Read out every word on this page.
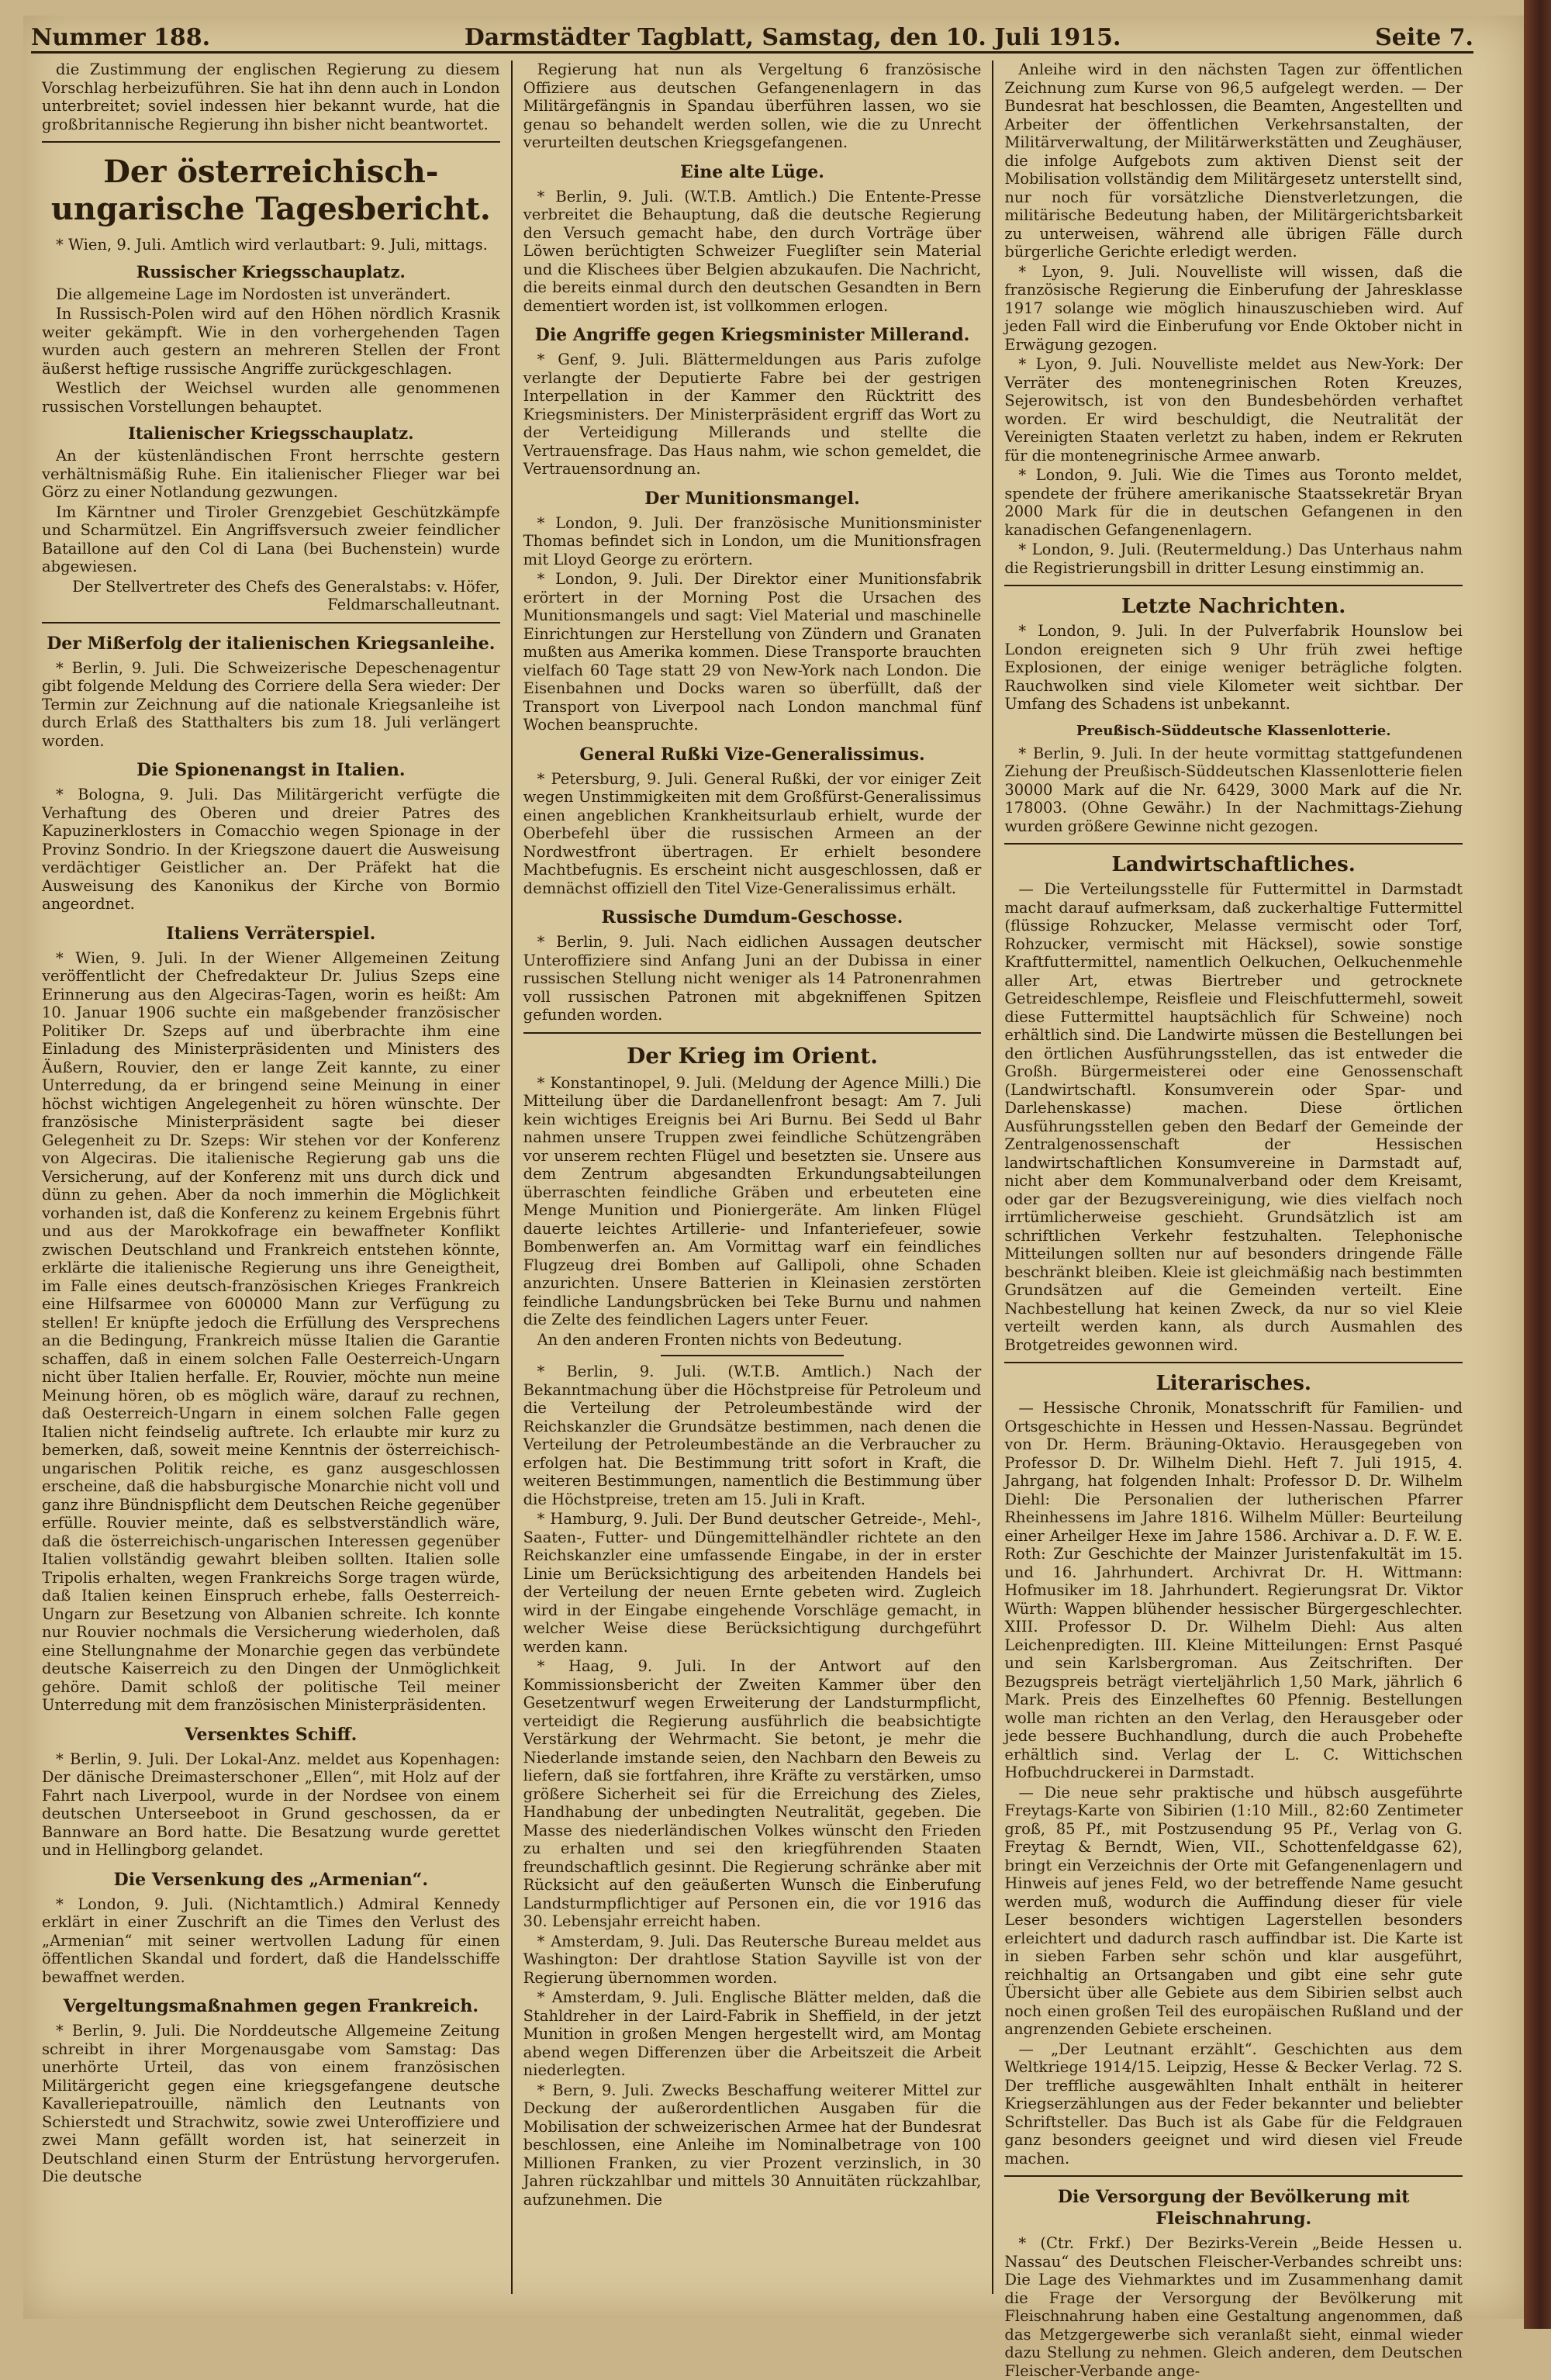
Nummer 188.	Darmstädter Tagblatt, Samstag, den 10. Juli 1915.	Seite 7.

die Zustimmung der englischen Regierung zu diesem Vorschlag herbeizuführen. Sie hat ihn denn auch in London unterbreitet; soviel indessen hier bekannt wurde, hat die großbritannische Regierung ihn bisher nicht beantwortet.

Der österreichisch-ungarische Tagesbericht.

* Wien, 9. Juli. Amtlich wird verlautbart: 9. Juli, mittags.

Russischer Kriegsschauplatz.

Die allgemeine Lage im Nordosten ist unverändert.

In Russisch-Polen wird auf den Höhen nördlich Krasnik weiter gekämpft. Wie in den vorhergehenden Tagen wurden auch gestern an mehreren Stellen der Front äußerst heftige russische Angriffe zurückgeschlagen.

Westlich der Weichsel wurden alle genommenen russischen Vorstellungen behauptet.

Italienischer Kriegsschauplatz.

An der küstenländischen Front herrschte gestern verhältnismäßig Ruhe. Ein italienischer Flieger war bei Görz zu einer Notlandung gezwungen.

Im Kärntner und Tiroler Grenzgebiet Geschützkämpfe und Scharmützel. Ein Angriffsversuch zweier feindlicher Bataillone auf den Col di Lana (bei Buchenstein) wurde abgewiesen.

Der Stellvertreter des Chefs des Generalstabs: v. Höfer, Feldmarschalleutnant.

Der Mißerfolg der italienischen Kriegsanleihe.

* Berlin, 9. Juli. Die Schweizerische Depeschenagentur gibt folgende Meldung des Corriere della Sera wieder: Der Termin zur Zeichnung auf die nationale Kriegsanleihe ist durch Erlaß des Statthalters bis zum 18. Juli verlängert worden.

Die Spionenangst in Italien.

* Bologna, 9. Juli. Das Militärgericht verfügte die Verhaftung des Oberen und dreier Patres des Kapuzinerklosters in Comacchio wegen Spionage in der Provinz Sondrio. In der Kriegszone dauert die Ausweisung verdächtiger Geistlicher an. Der Präfekt hat die Ausweisung des Kanonikus der Kirche von Bormio angeordnet.

Italiens Verräterspiel.

* Wien, 9. Juli. In der Wiener Allgemeinen Zeitung veröffentlicht der Chefredakteur Dr. Julius Szeps eine Erinnerung aus den Algeciras-Tagen, worin es heißt: Am 10. Januar 1906 suchte ein maßgebender französischer Politiker Dr. Szeps auf und überbrachte ihm eine Einladung des Ministerpräsidenten und Ministers des Äußern, Rouvier, den er lange Zeit kannte, zu einer Unterredung, da er bringend seine Meinung in einer höchst wichtigen Angelegenheit zu hören wünschte. Der französische Ministerpräsident sagte bei dieser Gelegenheit zu Dr. Szeps: Wir stehen vor der Konferenz von Algeciras. Die italienische Regierung gab uns die Versicherung, auf der Konferenz mit uns durch dick und dünn zu gehen. Aber da noch immerhin die Möglichkeit vorhanden ist, daß die Konferenz zu keinem Ergebnis führt und aus der Marokkofrage ein bewaffneter Konflikt zwischen Deutschland und Frankreich entstehen könnte, erklärte die italienische Regierung uns ihre Geneigtheit, im Falle eines deutsch-französischen Krieges Frankreich eine Hilfsarmee von 600000 Mann zur Verfügung zu stellen! Er knüpfte jedoch die Erfüllung des Versprechens an die Bedingung, Frankreich müsse Italien die Garantie schaffen, daß in einem solchen Falle Oesterreich-Ungarn nicht über Italien herfalle. Er, Rouvier, möchte nun meine Meinung hören, ob es möglich wäre, darauf zu rechnen, daß Oesterreich-Ungarn in einem solchen Falle gegen Italien nicht feindselig auftrete. Ich erlaubte mir kurz zu bemerken, daß, soweit meine Kenntnis der österreichisch-ungarischen Politik reiche, es ganz ausgeschlossen erscheine, daß die habsburgische Monarchie nicht voll und ganz ihre Bündnispflicht dem Deutschen Reiche gegenüber erfülle. Rouvier meinte, daß es selbstverständlich wäre, daß die österreichisch-ungarischen Interessen gegenüber Italien vollständig gewahrt bleiben sollten. Italien solle Tripolis erhalten, wegen Frankreichs Sorge tragen würde, daß Italien keinen Einspruch erhebe, falls Oesterreich-Ungarn zur Besetzung von Albanien schreite. Ich konnte nur Rouvier nochmals die Versicherung wiederholen, daß eine Stellungnahme der Monarchie gegen das verbündete deutsche Kaiserreich zu den Dingen der Unmöglichkeit gehöre. Damit schloß der politische Teil meiner Unterredung mit dem französischen Ministerpräsidenten.

Versenktes Schiff.

* Berlin, 9. Juli. Der Lokal-Anz. meldet aus Kopenhagen: Der dänische Dreimasterschoner „Ellen“, mit Holz auf der Fahrt nach Liverpool, wurde in der Nordsee von einem deutschen Unterseeboot in Grund geschossen, da er Bannware an Bord hatte. Die Besatzung wurde gerettet und in Hellingborg gelandet.

Die Versenkung des „Armenian“.

* London, 9. Juli. (Nichtamtlich.) Admiral Kennedy erklärt in einer Zuschrift an die Times den Verlust des „Armenian“ mit seiner wertvollen Ladung für einen öffentlichen Skandal und fordert, daß die Handelsschiffe bewaffnet werden.

Vergeltungsmaßnahmen gegen Frankreich.

* Berlin, 9. Juli. Die Norddeutsche Allgemeine Zeitung schreibt in ihrer Morgenausgabe vom Samstag: Das unerhörte Urteil, das von einem französischen Militärgericht gegen eine kriegsgefangene deutsche Kavalleriepatrouille, nämlich den Leutnants von Schierstedt und Strachwitz, sowie zwei Unteroffiziere und zwei Mann gefällt worden ist, hat seinerzeit in Deutschland einen Sturm der Entrüstung hervorgerufen. Die deutsche

Regierung hat nun als Vergeltung 6 französische Offiziere aus deutschen Gefangenenlagern in das Militärgefängnis in Spandau überführen lassen, wo sie genau so behandelt werden sollen, wie die zu Unrecht verurteilten deutschen Kriegsgefangenen.

Eine alte Lüge.

* Berlin, 9. Juli. (W.T.B. Amtlich.) Die Entente-Presse verbreitet die Behauptung, daß die deutsche Regierung den Versuch gemacht habe, den durch Vorträge über Löwen berüchtigten Schweizer Fuegliſter sein Material und die Klischees über Belgien abzukaufen. Die Nachricht, die bereits einmal durch den deutschen Gesandten in Bern dementiert worden ist, ist vollkommen erlogen.

Die Angriffe gegen Kriegsminister Millerand.

* Genf, 9. Juli. Blättermeldungen aus Paris zufolge verlangte der Deputierte Fabre bei der gestrigen Interpellation in der Kammer den Rücktritt des Kriegsministers. Der Ministerpräsident ergriff das Wort zu der Verteidigung Millerands und stellte die Vertrauensfrage. Das Haus nahm, wie schon gemeldet, die Vertrauensordnung an.

Der Munitionsmangel.

* London, 9. Juli. Der französische Munitionsminister Thomas befindet sich in London, um die Munitionsfragen mit Lloyd George zu erörtern.

* London, 9. Juli. Der Direktor einer Munitionsfabrik erörtert in der Morning Post die Ursachen des Munitionsmangels und sagt: Viel Material und maschinelle Einrichtungen zur Herstellung von Zündern und Granaten mußten aus Amerika kommen. Diese Transporte brauchten vielfach 60 Tage statt 29 von New-York nach London. Die Eisenbahnen und Docks waren so überfüllt, daß der Transport von Liverpool nach London manchmal fünf Wochen beanspruchte.

General Rußki Vize-Generalissimus.

* Petersburg, 9. Juli. General Rußki, der vor einiger Zeit wegen Unstimmigkeiten mit dem Großfürst-Generalissimus einen angeblichen Krankheitsurlaub erhielt, wurde der Oberbefehl über die russischen Armeen an der Nordwestfront übertragen. Er erhielt besondere Machtbefugnis. Es erscheint nicht ausgeschlossen, daß er demnächst offiziell den Titel Vize-Generalissimus erhält.

Russische Dumdum-Geschosse.

* Berlin, 9. Juli. Nach eidlichen Aussagen deutscher Unteroffiziere sind Anfang Juni an der Dubissa in einer russischen Stellung nicht weniger als 14 Patronenrahmen voll russischen Patronen mit abgekniffenen Spitzen gefunden worden.

Der Krieg im Orient.

* Konstantinopel, 9. Juli. (Meldung der Agence Milli.) Die Mitteilung über die Dardanellenfront besagt: Am 7. Juli kein wichtiges Ereignis bei Ari Burnu. Bei Sedd ul Bahr nahmen unsere Truppen zwei feindliche Schützengräben vor unserem rechten Flügel und besetzten sie. Unsere aus dem Zentrum abgesandten Erkundungsabteilungen überraschten feindliche Gräben und erbeuteten eine Menge Munition und Pioniergeräte. Am linken Flügel dauerte leichtes Artillerie- und Infanteriefeuer, sowie Bombenwerfen an. Am Vormittag warf ein feindliches Flugzeug drei Bomben auf Gallipoli, ohne Schaden anzurichten. Unsere Batterien in Kleinasien zerstörten feindliche Landungsbrücken bei Teke Burnu und nahmen die Zelte des feindlichen Lagers unter Feuer.

An den anderen Fronten nichts von Bedeutung.

* Berlin, 9. Juli. (W.T.B. Amtlich.) Nach der Bekanntmachung über die Höchstpreise für Petroleum und die Verteilung der Petroleumbestände wird der Reichskanzler die Grundsätze bestimmen, nach denen die Verteilung der Petroleumbestände an die Verbraucher zu erfolgen hat. Die Bestimmung tritt sofort in Kraft, die weiteren Bestimmungen, namentlich die Bestimmung über die Höchstpreise, treten am 15. Juli in Kraft.

* Hamburg, 9. Juli. Der Bund deutscher Getreide-, Mehl-, Saaten-, Futter- und Düngemittelhändler richtete an den Reichskanzler eine umfassende Eingabe, in der in erster Linie um Berücksichtigung des arbeitenden Handels bei der Verteilung der neuen Ernte gebeten wird. Zugleich wird in der Eingabe eingehende Vorschläge gemacht, in welcher Weise diese Berücksichtigung durchgeführt werden kann.

* Haag, 9. Juli. In der Antwort auf den Kommissionsbericht der Zweiten Kammer über den Gesetzentwurf wegen Erweiterung der Landsturmpflicht, verteidigt die Regierung ausführlich die beabsichtigte Verstärkung der Wehrmacht. Sie betont, je mehr die Niederlande imstande seien, den Nachbarn den Beweis zu liefern, daß sie fortfahren, ihre Kräfte zu verstärken, umso größere Sicherheit sei für die Erreichung des Zieles, Handhabung der unbedingten Neutralität, gegeben. Die Masse des niederländischen Volkes wünscht den Frieden zu erhalten und sei den kriegführenden Staaten freundschaftlich gesinnt. Die Regierung schränke aber mit Rücksicht auf den geäußerten Wunsch die Einberufung Landsturmpflichtiger auf Personen ein, die vor 1916 das 30. Lebensjahr erreicht haben.

* Amsterdam, 9. Juli. Das Reutersche Bureau meldet aus Washington: Der drahtlose Station Sayville ist von der Regierung übernommen worden.

* Amsterdam, 9. Juli. Englische Blätter melden, daß die Stahldreher in der Laird-Fabrik in Sheffield, in der jetzt Munition in großen Mengen hergestellt wird, am Montag abend wegen Differenzen über die Arbeitszeit die Arbeit niederlegten.

* Bern, 9. Juli. Zwecks Beschaffung weiterer Mittel zur Deckung der außerordentlichen Ausgaben für die Mobilisation der schweizerischen Armee hat der Bundesrat beschlossen, eine Anleihe im Nominalbetrage von 100 Millionen Franken, zu vier Prozent verzinslich, in 30 Jahren rückzahlbar und mittels 30 Annuitäten rückzahlbar, aufzunehmen. Die

Anleihe wird in den nächsten Tagen zur öffentlichen Zeichnung zum Kurse von 96,5 aufgelegt werden. — Der Bundesrat hat beschlossen, die Beamten, Angestellten und Arbeiter der öffentlichen Verkehrsanstalten, der Militärverwaltung, der Militärwerkstätten und Zeughäuser, die infolge Aufgebots zum aktiven Dienst seit der Mobilisation vollständig dem Militärgesetz unterstellt sind, nur noch für vorsätzliche Dienstverletzungen, die militärische Bedeutung haben, der Militärgerichtsbarkeit zu unterweisen, während alle übrigen Fälle durch bürgerliche Gerichte erledigt werden.

* Lyon, 9. Juli. Nouvelliste will wissen, daß die französische Regierung die Einberufung der Jahresklasse 1917 solange wie möglich hinauszuschieben wird. Auf jeden Fall wird die Einberufung vor Ende Oktober nicht in Erwägung gezogen.

* Lyon, 9. Juli. Nouvelliste meldet aus New-York: Der Verräter des montenegrinischen Roten Kreuzes, Sejerowitsch, ist von den Bundesbehörden verhaftet worden. Er wird beschuldigt, die Neutralität der Vereinigten Staaten verletzt zu haben, indem er Rekruten für die montenegrinische Armee anwarb.

* London, 9. Juli. Wie die Times aus Toronto meldet, spendete der frühere amerikanische Staatssekretär Bryan 2000 Mark für die in deutschen Gefangenen in den kanadischen Gefangenenlagern.

* London, 9. Juli. (Reutermeldung.) Das Unterhaus nahm die Registrierungsbill in dritter Lesung einstimmig an.

Letzte Nachrichten.

* London, 9. Juli. In der Pulverfabrik Hounslow bei London ereigneten sich 9 Uhr früh zwei heftige Explosionen, der einige weniger beträgliche folgten. Rauchwolken sind viele Kilometer weit sichtbar. Der Umfang des Schadens ist unbekannt.

Preußisch-Süddeutsche Klassenlotterie.

* Berlin, 9. Juli. In der heute vormittag stattgefundenen Ziehung der Preußisch-Süddeutschen Klassenlotterie fielen 30000 Mark auf die Nr. 6429, 3000 Mark auf die Nr. 178003. (Ohne Gewähr.) In der Nachmittags-Ziehung wurden größere Gewinne nicht gezogen.

Landwirtschaftliches.

— Die Verteilungsstelle für Futtermittel in Darmstadt macht darauf aufmerksam, daß zuckerhaltige Futtermittel (flüssige Rohzucker, Melasse vermischt oder Torf, Rohzucker, vermischt mit Häcksel), sowie sonstige Kraftfuttermittel, namentlich Oelkuchen, Oelkuchenmehle aller Art, etwas Biertreber und getrocknete Getreideschlempe, Reisfleie und Fleischfuttermehl, soweit diese Futtermittel hauptsächlich für Schweine) noch erhältlich sind. Die Landwirte müssen die Bestellungen bei den örtlichen Ausführungsstellen, das ist entweder die Großh. Bürgermeisterei oder eine Genossenschaft (Landwirtschaftl. Konsumverein oder Spar- und Darlehenskasse) machen. Diese örtlichen Ausführungsstellen geben den Bedarf der Gemeinde der Zentralgenossenschaft der Hessischen landwirtschaftlichen Konsumvereine in Darmstadt auf, nicht aber dem Kommunalverband oder dem Kreisamt, oder gar der Bezugsvereinigung, wie dies vielfach noch irrtümlicherweise geschieht. Grundsätzlich ist am schriftlichen Verkehr festzuhalten. Telephonische Mitteilungen sollten nur auf besonders dringende Fälle beschränkt bleiben. Kleie ist gleichmäßig nach bestimmten Grundsätzen auf die Gemeinden verteilt. Eine Nachbestellung hat keinen Zweck, da nur so viel Kleie verteilt werden kann, als durch Ausmahlen des Brotgetreides gewonnen wird.

Literarisches.

— Hessische Chronik, Monatsschrift für Familien- und Ortsgeschichte in Hessen und Hessen-Nassau. Begründet von Dr. Herm. Bräuning-Oktavio. Herausgegeben von Professor D. Dr. Wilhelm Diehl. Heft 7. Juli 1915, 4. Jahrgang, hat folgenden Inhalt: Professor D. Dr. Wilhelm Diehl: Die Personalien der lutherischen Pfarrer Rheinhessens im Jahre 1816. Wilhelm Müller: Beurteilung einer Arheilger Hexe im Jahre 1586. Archivar a. D. F. W. E. Roth: Zur Geschichte der Mainzer Juristenfakultät im 15. und 16. Jahrhundert. Archivrat Dr. H. Wittmann: Hofmusiker im 18. Jahrhundert. Regierungsrat Dr. Viktor Würth: Wappen blühender hessischer Bürgergeschlechter. XIII. Professor D. Dr. Wilhelm Diehl: Aus alten Leichenpredigten. III. Kleine Mitteilungen: Ernst Pasqué und sein Karlsbergroman. Aus Zeitschriften. Der Bezugspreis beträgt vierteljährlich 1,50 Mark, jährlich 6 Mark. Preis des Einzelheftes 60 Pfennig. Bestellungen wolle man richten an den Verlag, den Herausgeber oder jede bessere Buchhandlung, durch die auch Probehefte erhältlich sind. Verlag der L. C. Wittichschen Hofbuchdruckerei in Darmstadt.

— Die neue sehr praktische und hübsch ausgeführte Freytags-Karte von Sibirien (1:10 Mill., 82:60 Zentimeter groß, 85 Pf., mit Postzusendung 95 Pf., Verlag von G. Freytag & Berndt, Wien, VII., Schottenfeldgasse 62), bringt ein Verzeichnis der Orte mit Gefangenenlagern und Hinweis auf jenes Feld, wo der betreffende Name gesucht werden muß, wodurch die Auffindung dieser für viele Leser besonders wichtigen Lagerstellen besonders erleichtert und dadurch rasch auffindbar ist. Die Karte ist in sieben Farben sehr schön und klar ausgeführt, reichhaltig an Ortsangaben und gibt eine sehr gute Übersicht über alle Gebiete aus dem Sibirien selbst auch noch einen großen Teil des europäischen Rußland und der angrenzenden Gebiete erscheinen.

— „Der Leutnant erzählt“. Geschichten aus dem Weltkriege 1914/15. Leipzig, Hesse & Becker Verlag. 72 S. Der treffliche ausgewählten Inhalt enthält in heiterer Kriegserzählungen aus der Feder bekannter und beliebter Schriftsteller. Das Buch ist als Gabe für die Feldgrauen ganz besonders geeignet und wird diesen viel Freude machen.

Die Versorgung der Bevölkerung mit Fleischnahrung.

* (Ctr. Frkf.) Der Bezirks-Verein „Beide Hessen u. Nassau“ des Deutschen Fleischer-Verbandes schreibt uns: Die Lage des Viehmarktes und im Zusammenhang damit die Frage der Versorgung der Bevölkerung mit Fleischnahrung haben eine Gestaltung angenommen, daß das Metzgergewerbe sich veranlaßt sieht, einmal wieder dazu Stellung zu nehmen. Gleich anderen, dem Deutschen Fleischer-Verbande ange-
